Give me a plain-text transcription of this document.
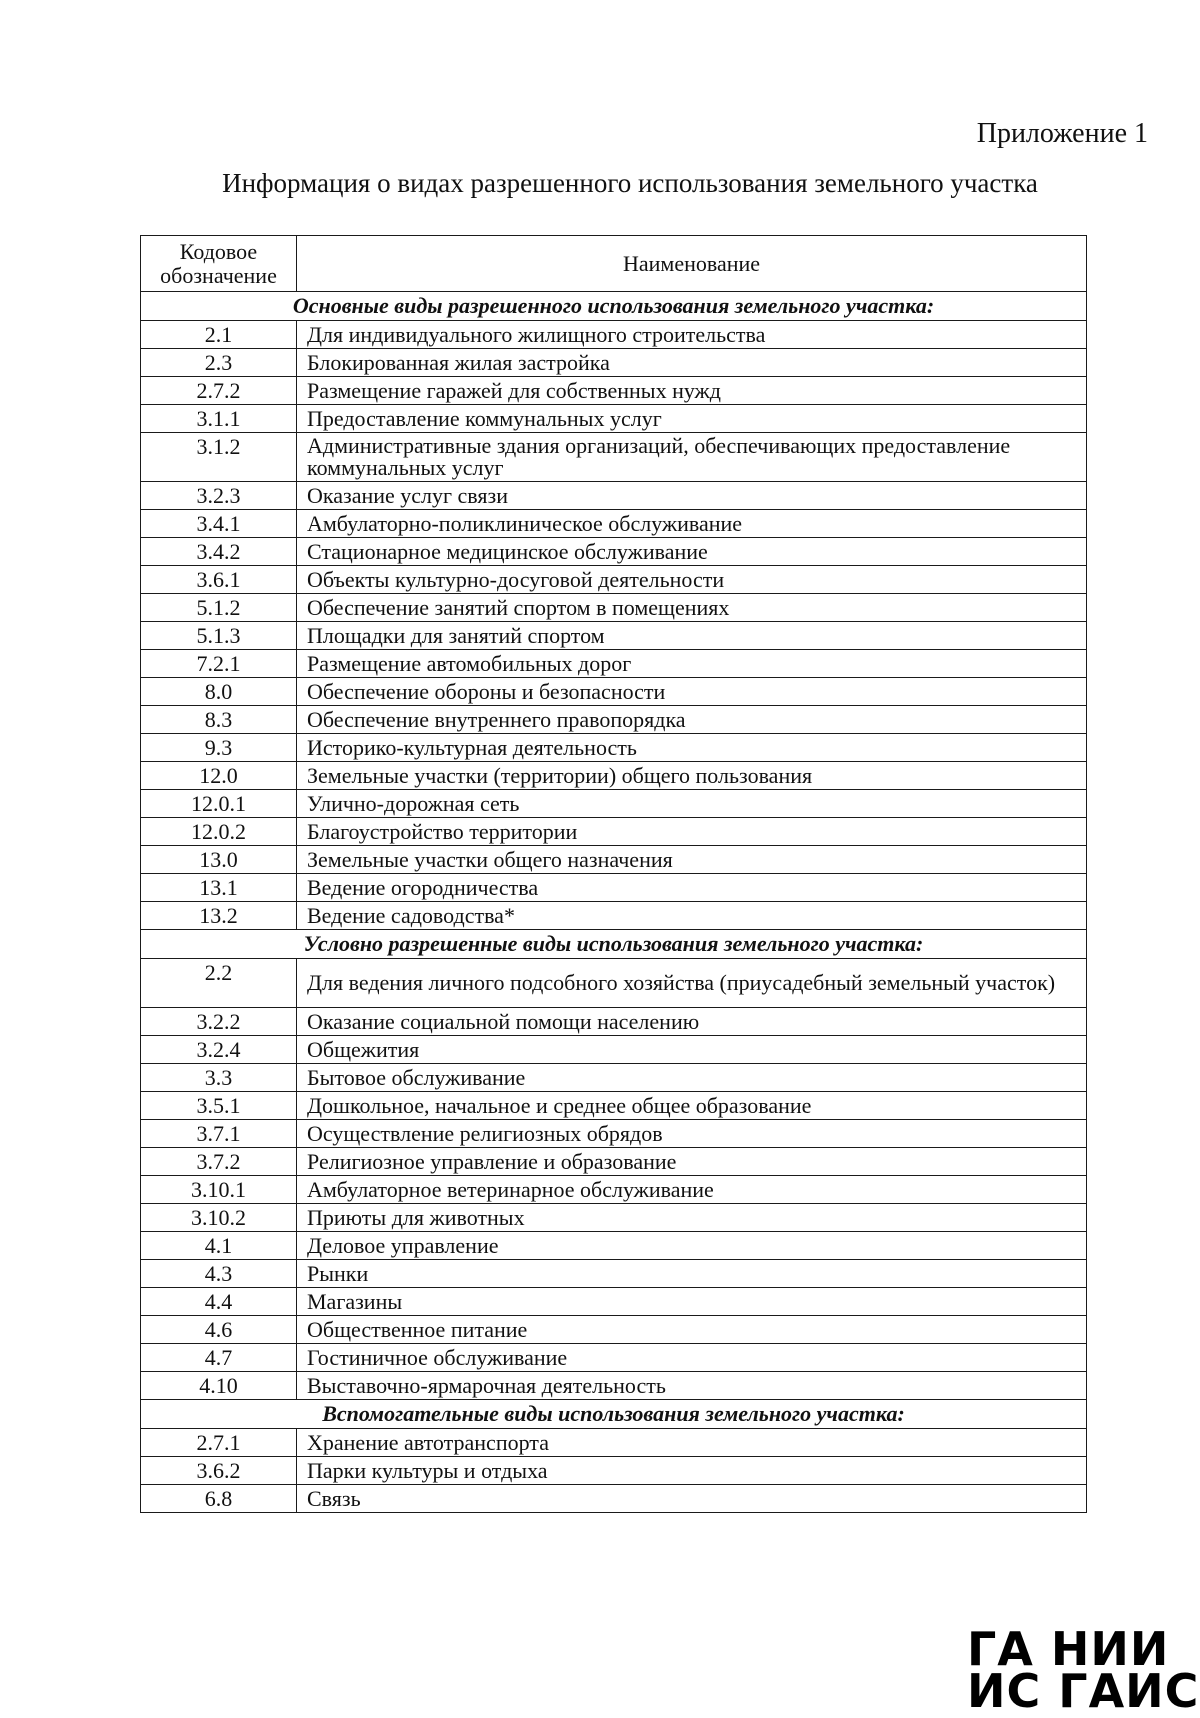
Приложение 1
Информация о видах разрешенного использования земельного участка
Кодовое
обозначение	Наименование
Основные виды разрешенного использования земельного участка:	
2.1	Для индивидуального жилищного строительства
2.3	Блокированная жилая застройка
2.7.2	Размещение гаражей для собственных нужд
3.1.1	Предоставление коммунальных услуг
3.1.2	Административные здания организаций, обеспечивающих предоставление коммунальных услуг
3.2.3	Оказание услуг связи
3.4.1	Амбулаторно-поликлиническое обслуживание
3.4.2	Стационарное медицинское обслуживание
3.6.1	Объекты культурно-досуговой деятельности
5.1.2	Обеспечение занятий спортом в помещениях
5.1.3	Площадки для занятий спортом
7.2.1	Размещение автомобильных дорог
8.0	Обеспечение обороны и безопасности
8.3	Обеспечение внутреннего правопорядка
9.3	Историко-культурная деятельность
12.0	Земельные участки (территории) общего пользования
12.0.1	Улично-дорожная сеть
12.0.2	Благоустройство территории
13.0	Земельные участки общего назначения
13.1	Ведение огородничества
13.2	Ведение садоводства*
Условно разрешенные виды использования земельного участка:	
2.2	Для ведения личного подсобного хозяйства (приусадебный земельный участок)
3.2.2	Оказание социальной помощи населению
3.2.4	Общежития
3.3	Бытовое обслуживание
3.5.1	Дошкольное, начальное и среднее общее образование
3.7.1	Осуществление религиозных обрядов
3.7.2	Религиозное управление и образование
3.10.1	Амбулаторное ветеринарное обслуживание
3.10.2	Приюты для животных
4.1	Деловое управление
4.3	Рынки
4.4	Магазины
4.6	Общественное питание
4.7	Гостиничное обслуживание
4.10	Выставочно-ярмарочная деятельность
Вспомогательные виды использования земельного участка:	
2.7.1	Хранение автотранспорта
3.6.2	Парки культуры и отдыха
6.8	Связь
ГА НИИ
ИС ГАИС
